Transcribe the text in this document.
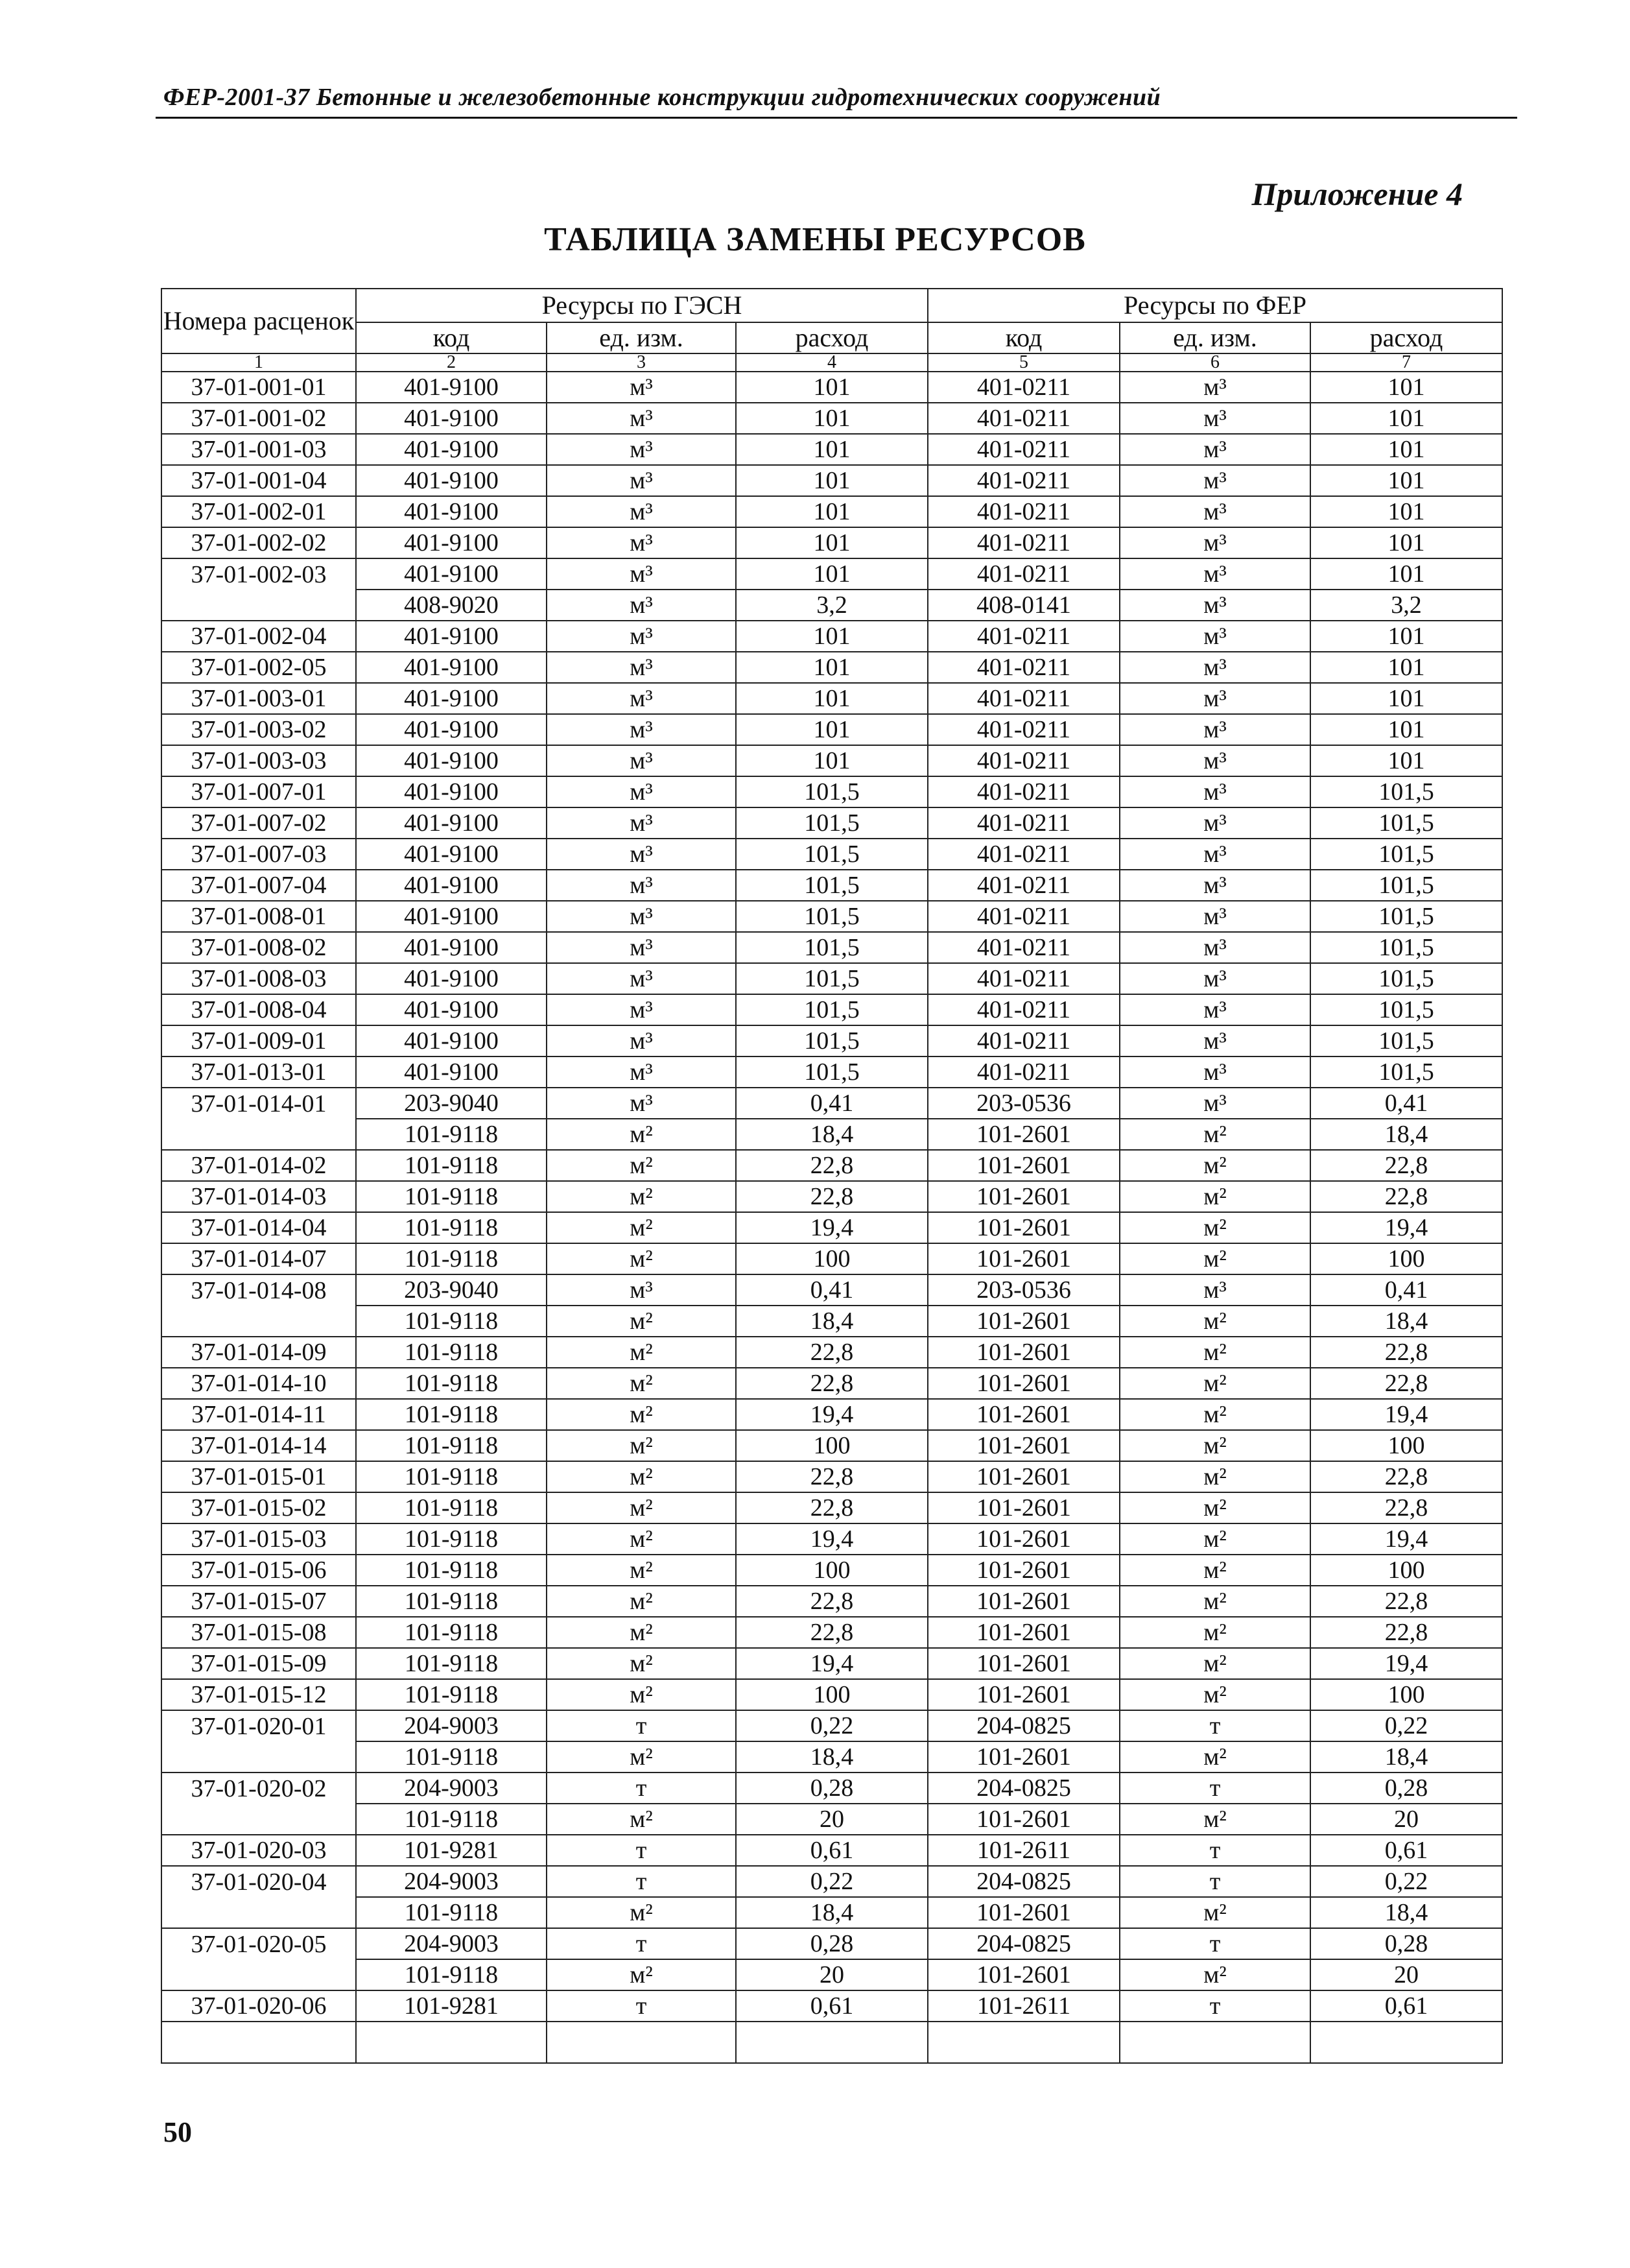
ФЕР-2001-37 Бетонные и железобетонные конструкции гидротехнических сооружений
Приложение 4
ТАБЛИЦА ЗАМЕНЫ РЕСУРСОВ
Номера расценок	Ресурсы по ГЭСН			Ресурсы по ФЕР		
	код	ед. изм.	расход	код	ед. изм.	расход
1	2	3	4	5	6	7
37-01-001-01	401-9100	м³	101	401-0211	м³	101
37-01-001-02	401-9100	м³	101	401-0211	м³	101
37-01-001-03	401-9100	м³	101	401-0211	м³	101
37-01-001-04	401-9100	м³	101	401-0211	м³	101
37-01-002-01	401-9100	м³	101	401-0211	м³	101
37-01-002-02	401-9100	м³	101	401-0211	м³	101
37-01-002-03	401-9100	м³	101	401-0211	м³	101
	408-9020	м³	3,2	408-0141	м³	3,2
37-01-002-04	401-9100	м³	101	401-0211	м³	101
37-01-002-05	401-9100	м³	101	401-0211	м³	101
37-01-003-01	401-9100	м³	101	401-0211	м³	101
37-01-003-02	401-9100	м³	101	401-0211	м³	101
37-01-003-03	401-9100	м³	101	401-0211	м³	101
37-01-007-01	401-9100	м³	101,5	401-0211	м³	101,5
37-01-007-02	401-9100	м³	101,5	401-0211	м³	101,5
37-01-007-03	401-9100	м³	101,5	401-0211	м³	101,5
37-01-007-04	401-9100	м³	101,5	401-0211	м³	101,5
37-01-008-01	401-9100	м³	101,5	401-0211	м³	101,5
37-01-008-02	401-9100	м³	101,5	401-0211	м³	101,5
37-01-008-03	401-9100	м³	101,5	401-0211	м³	101,5
37-01-008-04	401-9100	м³	101,5	401-0211	м³	101,5
37-01-009-01	401-9100	м³	101,5	401-0211	м³	101,5
37-01-013-01	401-9100	м³	101,5	401-0211	м³	101,5
37-01-014-01	203-9040	м³	0,41	203-0536	м³	0,41
	101-9118	м²	18,4	101-2601	м²	18,4
37-01-014-02	101-9118	м²	22,8	101-2601	м²	22,8
37-01-014-03	101-9118	м²	22,8	101-2601	м²	22,8
37-01-014-04	101-9118	м²	19,4	101-2601	м²	19,4
37-01-014-07	101-9118	м²	100	101-2601	м²	100
37-01-014-08	203-9040	м³	0,41	203-0536	м³	0,41
	101-9118	м²	18,4	101-2601	м²	18,4
37-01-014-09	101-9118	м²	22,8	101-2601	м²	22,8
37-01-014-10	101-9118	м²	22,8	101-2601	м²	22,8
37-01-014-11	101-9118	м²	19,4	101-2601	м²	19,4
37-01-014-14	101-9118	м²	100	101-2601	м²	100
37-01-015-01	101-9118	м²	22,8	101-2601	м²	22,8
37-01-015-02	101-9118	м²	22,8	101-2601	м²	22,8
37-01-015-03	101-9118	м²	19,4	101-2601	м²	19,4
37-01-015-06	101-9118	м²	100	101-2601	м²	100
37-01-015-07	101-9118	м²	22,8	101-2601	м²	22,8
37-01-015-08	101-9118	м²	22,8	101-2601	м²	22,8
37-01-015-09	101-9118	м²	19,4	101-2601	м²	19,4
37-01-015-12	101-9118	м²	100	101-2601	м²	100
37-01-020-01	204-9003	т	0,22	204-0825	т	0,22
	101-9118	м²	18,4	101-2601	м²	18,4
37-01-020-02	204-9003	т	0,28	204-0825	т	0,28
	101-9118	м²	20	101-2601	м²	20
37-01-020-03	101-9281	т	0,61	101-2611	т	0,61
37-01-020-04	204-9003	т	0,22	204-0825	т	0,22
	101-9118	м²	18,4	101-2601	м²	18,4
37-01-020-05	204-9003	т	0,28	204-0825	т	0,28
	101-9118	м²	20	101-2601	м²	20
37-01-020-06	101-9281	т	0,61	101-2611	т	0,61

50
